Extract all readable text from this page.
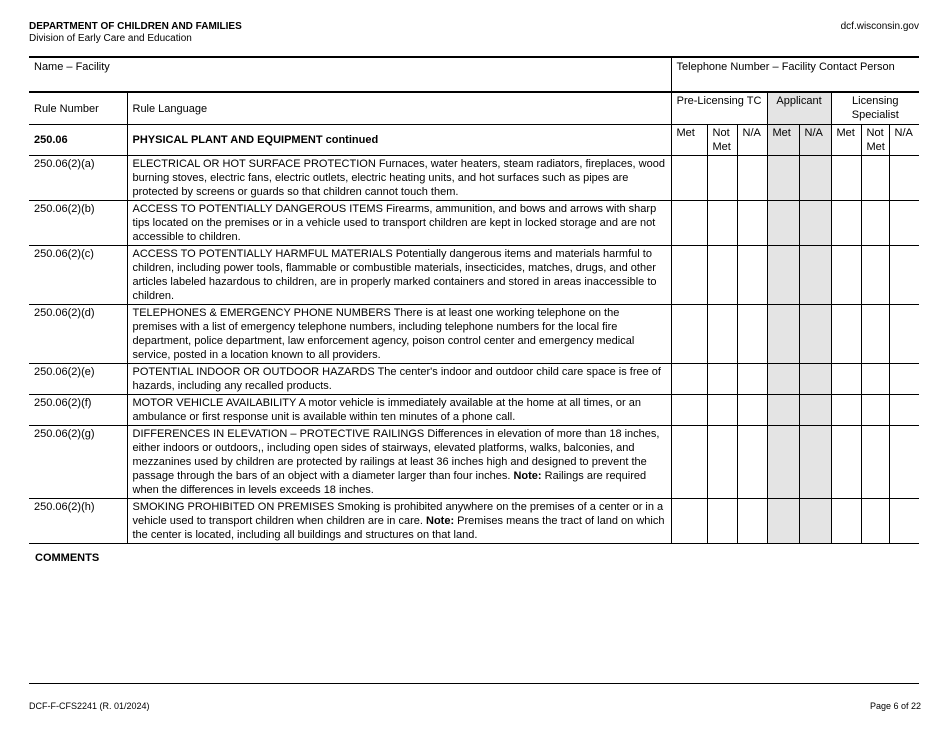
DEPARTMENT OF CHILDREN AND FAMILIES
Division of Early Care and Education
dcf.wisconsin.gov
Name – Facility		Telephone Number – Facility Contact Person							
Rule Number	Rule Language	Pre-Licensing TC			Applicant		Licensing Specialist		
250.06	PHYSICAL PLANT AND EQUIPMENT continued	Met	Not Met	N/A	Met	N/A	Met	Not Met	N/A
250.06(2)(a)	ELECTRICAL OR HOT SURFACE PROTECTION Furnaces, water heaters, steam radiators, fireplaces, wood burning stoves, electric fans, electric outlets, electric heating units, and hot surfaces such as pipes are protected by screens or guards so that children cannot touch them.								
250.06(2)(b)	ACCESS TO POTENTIALLY DANGEROUS ITEMS Firearms, ammunition, and bows and arrows with sharp tips located on the premises or in a vehicle used to transport children are kept in locked storage and are not accessible to children.								
250.06(2)(c)	ACCESS TO POTENTIALLY HARMFUL MATERIALS Potentially dangerous items and materials harmful to children, including power tools, flammable or combustible materials, insecticides, matches, drugs, and other articles labeled hazardous to children, are in properly marked containers and stored in areas inaccessible to children.								
250.06(2)(d)	TELEPHONES & EMERGENCY PHONE NUMBERS There is at least one working telephone on the premises with a list of emergency telephone numbers, including telephone numbers for the local fire department, police department, law enforcement agency, poison control center and emergency medical service, posted in a location known to all providers.								
250.06(2)(e)	POTENTIAL INDOOR OR OUTDOOR HAZARDS The center's indoor and outdoor child care space is free of hazards, including any recalled products.								
250.06(2)(f)	MOTOR VEHICLE AVAILABILITY A motor vehicle is immediately available at the home at all times, or an ambulance or first response unit is available within ten minutes of a phone call.								
250.06(2)(g)	DIFFERENCES IN ELEVATION – PROTECTIVE RAILINGS Differences in elevation of more than 18 inches, either indoors or outdoors,, including open sides of stairways, elevated platforms, walks, balconies, and mezzanines used by children are protected by railings at least 36 inches high and designed to prevent the passage through the bars of an object with a diameter larger than four inches. Note: Railings are required when the differences in levels exceeds 18 inches.								
250.06(2)(h)	SMOKING PROHIBITED ON PREMISES Smoking is prohibited anywhere on the premises of a center or in a vehicle used to transport children when children are in care. Note: Premises means the tract of land on which the center is located, including all buildings and structures on that land.								
COMMENTS
DCF-F-CFS2241 (R. 01/2024)	Page 6 of 22
